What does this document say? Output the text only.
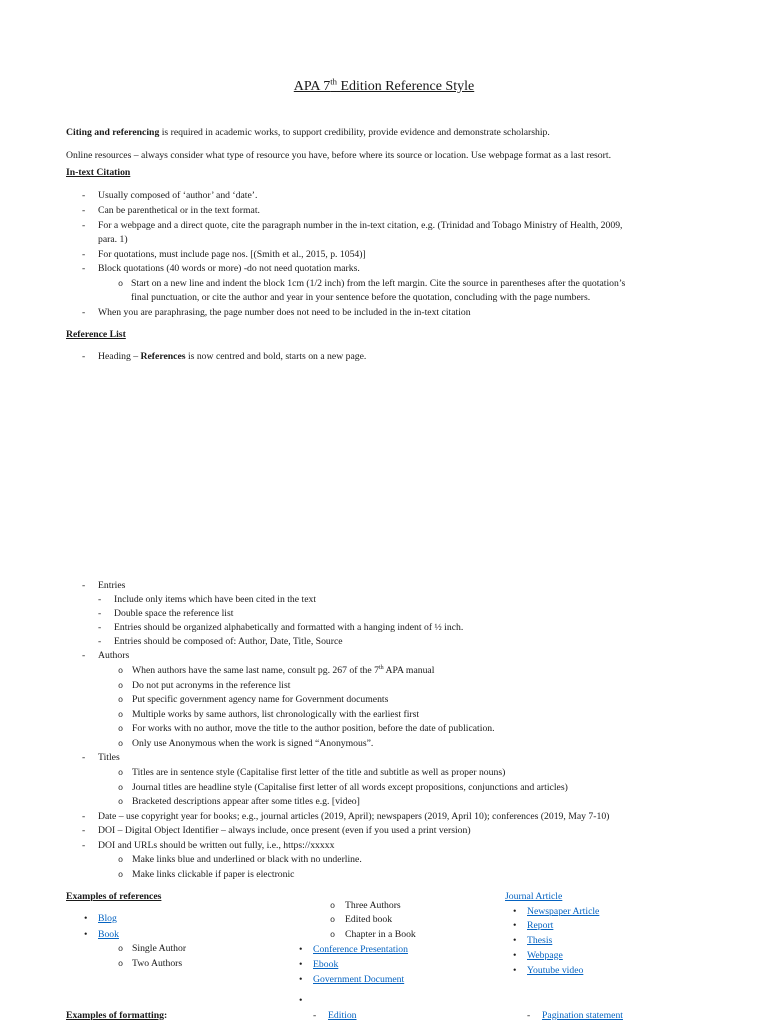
APA 7th Edition Reference Style
Citing and referencing is required in academic works, to support credibility, provide evidence and demonstrate scholarship.
Online resources – always consider what type of resource you have, before where its source or location. Use webpage format as a last resort.
In-text Citation
- Usually composed of ‘author’ and ‘date’.
- Can be parenthetical or in the text format.
- For a webpage and a direct quote, cite the paragraph number in the in-text citation, e.g. (Trinidad and Tobago Ministry of Health, 2009,
para. 1)
- For quotations, must include page nos. [(Smith et al., 2015, p. 1054)]
- Block quotations (40 words or more) -do not need quotation marks.
o Start on a new line and indent the block 1cm (1/2 inch) from the left margin. Cite the source in parentheses after the quotation’s
final punctuation, or cite the author and year in your sentence before the quotation, concluding with the page numbers.
- When you are paraphrasing, the page number does not need to be included in the in-text citation
Reference List
- Heading – References is now centred and bold, starts on a new page.
- Entries
- Include only items which have been cited in the text
- Double space the reference list
- Entries should be organized alphabetically and formatted with a hanging indent of ½ inch.
- Entries should be composed of: Author, Date, Title, Source
- Authors
o When authors have the same last name, consult pg. 267 of the 7th APA manual
o Do not put acronyms in the reference list
o Put specific government agency name for Government documents
o Multiple works by same authors, list chronologically with the earliest first
o For works with no author, move the title to the author position, before the date of publication.
o Only use Anonymous when the work is signed “Anonymous”.
- Titles
o Titles are in sentence style (Capitalise first letter of the title and subtitle as well as proper nouns)
o Journal titles are headline style (Capitalise first letter of all words except propositions, conjunctions and articles)
o Bracketed descriptions appear after some titles e.g. [video]
- Date – use copyright year for books; e.g., journal articles (2019, April); newspapers (2019, April 10); conferences (2019, May 7-10)
- DOI – Digital Object Identifier – always include, once present (even if you used a print version)
- DOI and URLs should be written out fully, i.e., https://xxxxx
o Make links blue and underlined or black with no underline.
o Make links clickable if paper is electronic
Examples of references
• Blog
• Book
o Single Author
o Two Authors
o Three Authors
o Edited book
o Chapter in a Book
• Conference Presentation
• Ebook
• Government Document
•
Journal Article
• Newspaper Article
• Report
• Thesis
• Webpage
• Youtube video
Examples of formatting:	- Edition	- Pagination statement
